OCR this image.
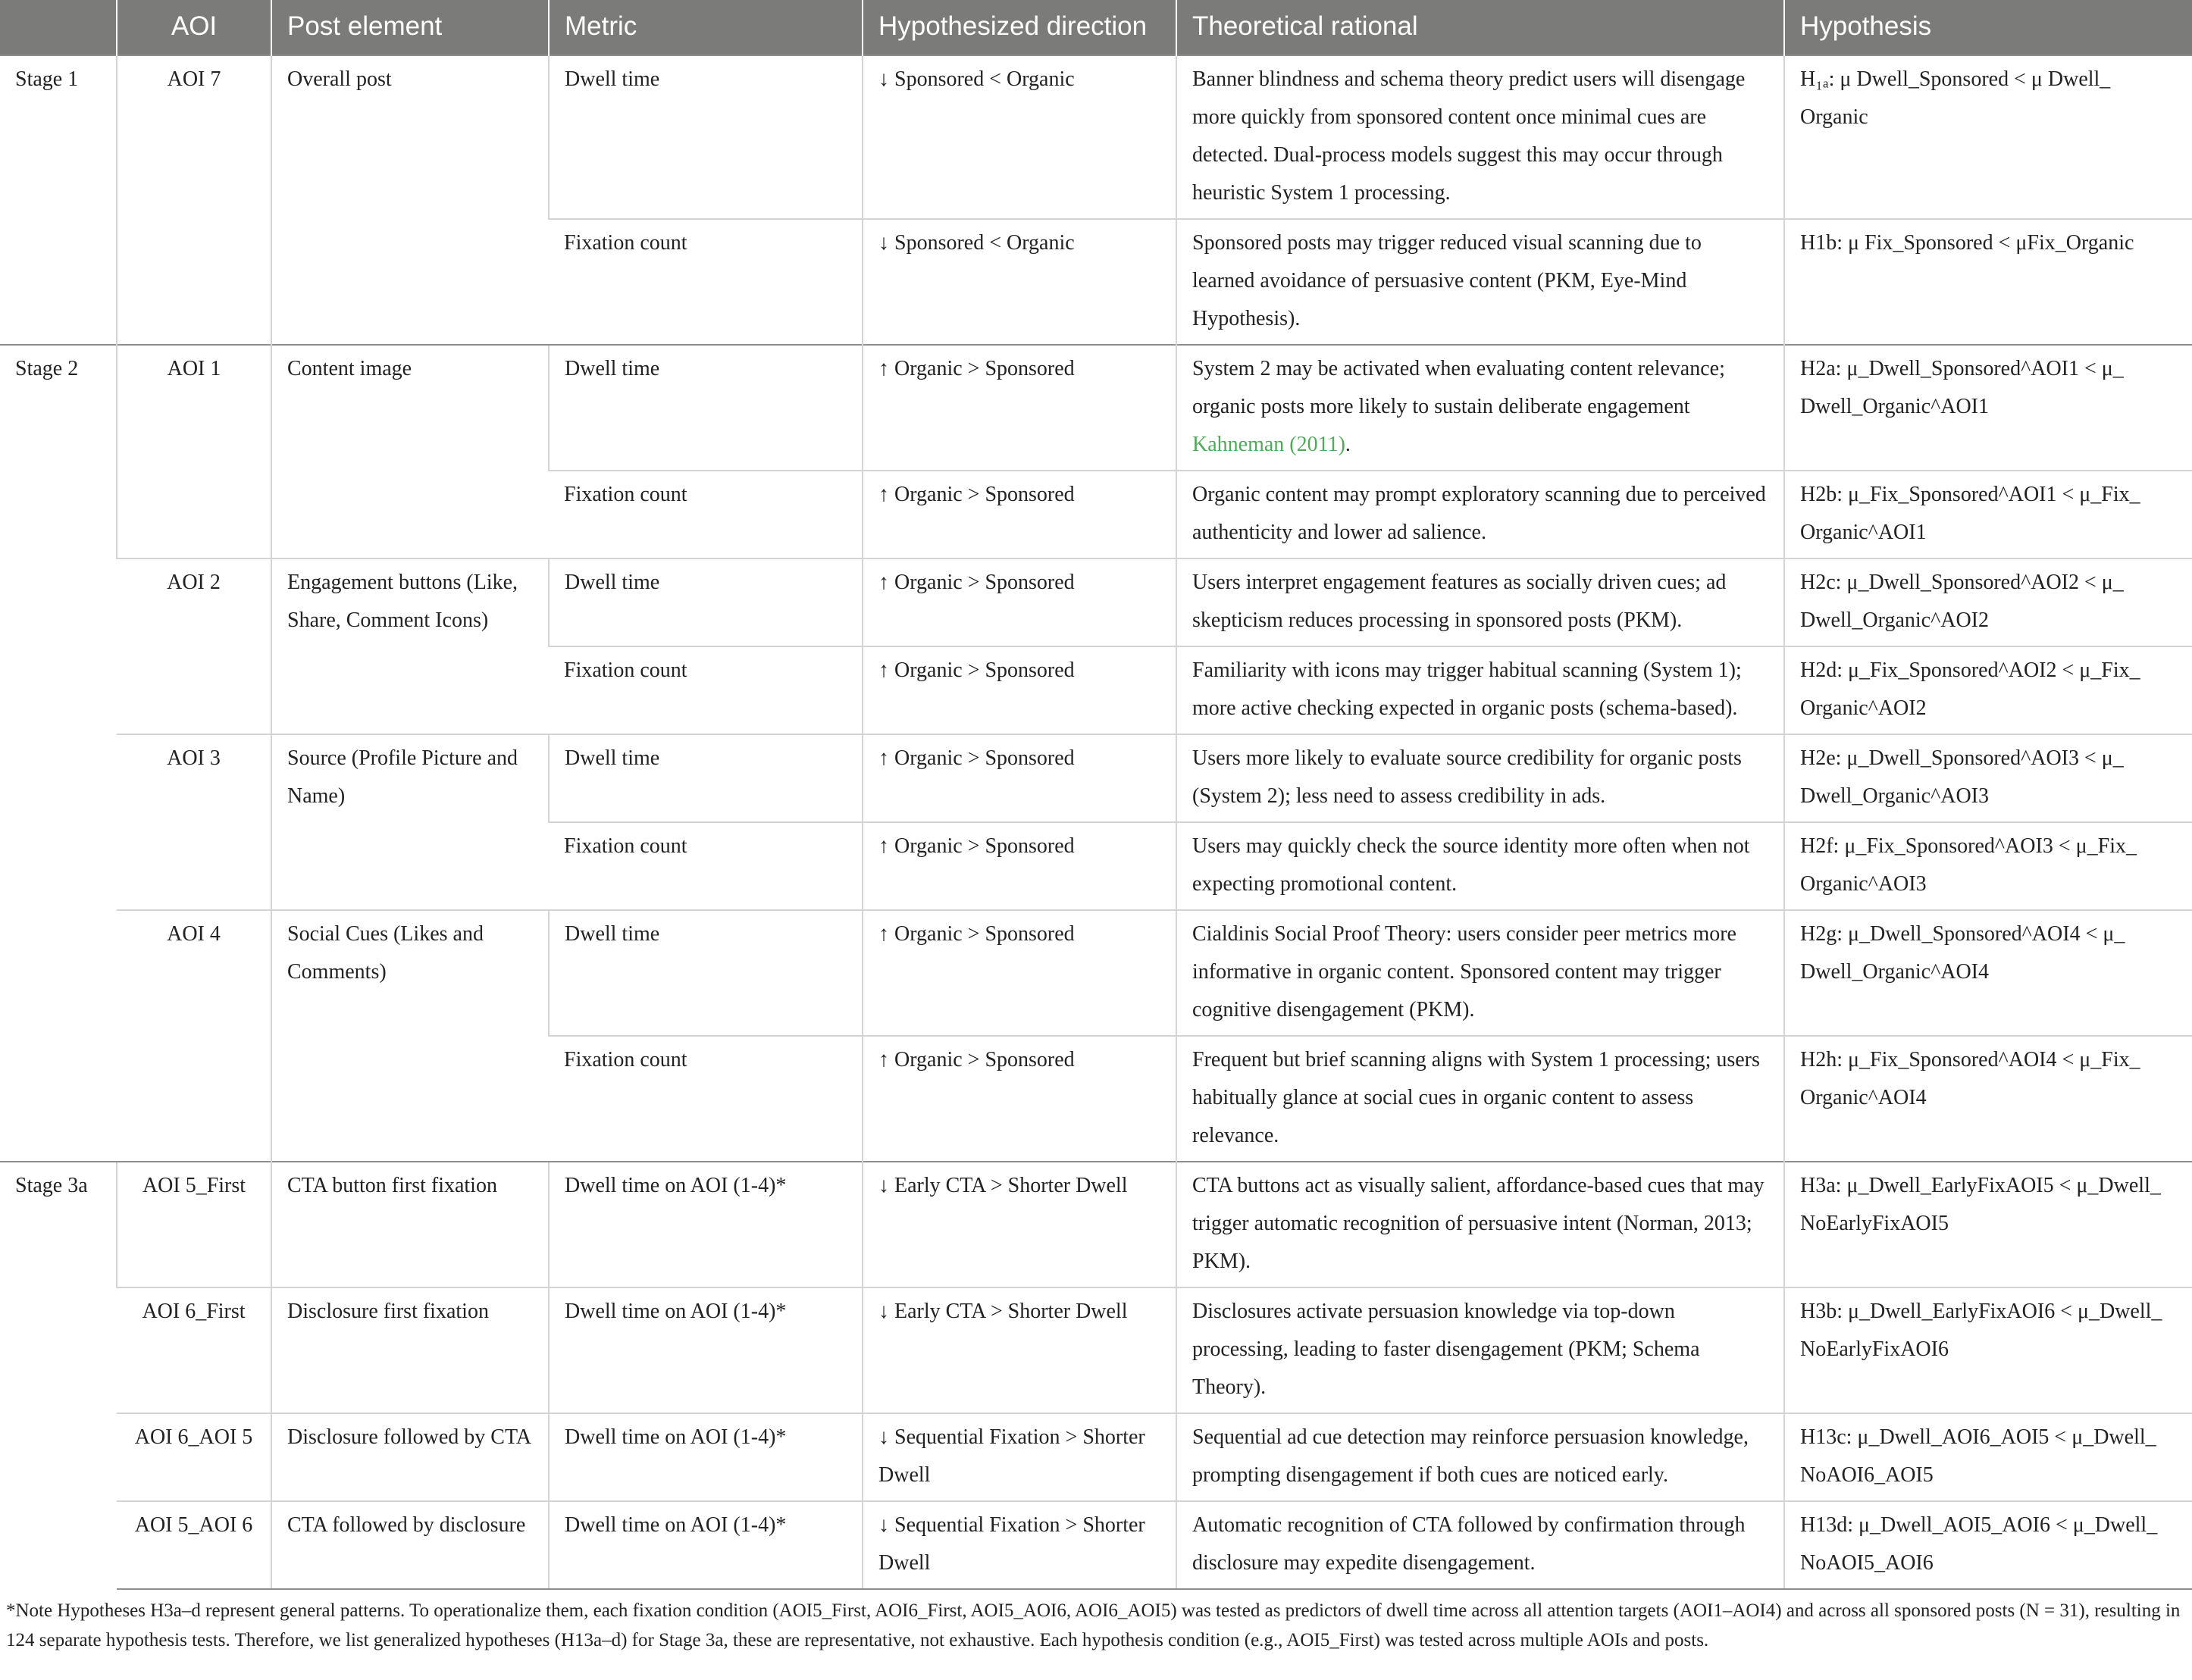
	AOI	Post element	Metric	Hypothesized direction	Theoretical rational	Hypothesis
Stage 1	AOI 7	Overall post	Dwell time	↓ Sponsored < Organic	Banner blindness and schema theory predict users will disengage more quickly from sponsored content once minimal cues are detected. Dual-process models suggest this may occur through heuristic System 1 processing.	H₁ₐ: μ Dwell_Sponsored < μ Dwell_ Organic
			Fixation count	↓ Sponsored < Organic	Sponsored posts may trigger reduced visual scanning due to learned avoidance of persuasive content (PKM, Eye-Mind Hypothesis).	H1b: μ Fix_Sponsored < μFix_Organic
Stage 2	AOI 1	Content image	Dwell time	↑ Organic > Sponsored	System 2 may be activated when evaluating content relevance; organic posts more likely to sustain deliberate engagement Kahneman (2011).	H2a: μ_Dwell_Sponsored^AOI1 < μ_ Dwell_Organic^AOI1
			Fixation count	↑ Organic > Sponsored	Organic content may prompt exploratory scanning due to perceived authenticity and lower ad salience.	H2b: μ_Fix_Sponsored^AOI1 < μ_Fix_ Organic^AOI1
	AOI 2	Engagement buttons (Like, Share, Comment Icons)	Dwell time	↑ Organic > Sponsored	Users interpret engagement features as socially driven cues; ad skepticism reduces processing in sponsored posts (PKM).	H2c: μ_Dwell_Sponsored^AOI2 < μ_ Dwell_Organic^AOI2
			Fixation count	↑ Organic > Sponsored	Familiarity with icons may trigger habitual scanning (System 1); more active checking expected in organic posts (schema-based).	H2d: μ_Fix_Sponsored^AOI2 < μ_Fix_ Organic^AOI2
	AOI 3	Source (Profile Picture and Name)	Dwell time	↑ Organic > Sponsored	Users more likely to evaluate source credibility for organic posts (System 2); less need to assess credibility in ads.	H2e: μ_Dwell_Sponsored^AOI3 < μ_ Dwell_Organic^AOI3
			Fixation count	↑ Organic > Sponsored	Users may quickly check the source identity more often when not expecting promotional content.	H2f: μ_Fix_Sponsored^AOI3 < μ_Fix_ Organic^AOI3
	AOI 4	Social Cues (Likes and Comments)	Dwell time	↑ Organic > Sponsored	Cialdinis Social Proof Theory: users consider peer metrics more informative in organic content. Sponsored content may trigger cognitive disengagement (PKM).	H2g: μ_Dwell_Sponsored^AOI4 < μ_ Dwell_Organic^AOI4
			Fixation count	↑ Organic > Sponsored	Frequent but brief scanning aligns with System 1 processing; users habitually glance at social cues in organic content to assess relevance.	H2h: μ_Fix_Sponsored^AOI4 < μ_Fix_ Organic^AOI4
Stage 3a	AOI 5_First	CTA button first fixation	Dwell time on AOI (1-4)*	↓ Early CTA > Shorter Dwell	CTA buttons act as visually salient, affordance-based cues that may trigger automatic recognition of persuasive intent (Norman, 2013; PKM).	H3a: μ_Dwell_EarlyFixAOI5 < μ_Dwell_ NoEarlyFixAOI5
	AOI 6_First	Disclosure first fixation	Dwell time on AOI (1-4)*	↓ Early CTA > Shorter Dwell	Disclosures activate persuasion knowledge via top-down processing, leading to faster disengagement (PKM; Schema Theory).	H3b: μ_Dwell_EarlyFixAOI6 < μ_Dwell_ NoEarlyFixAOI6
	AOI 6_AOI 5	Disclosure followed by CTA	Dwell time on AOI (1-4)*	↓ Sequential Fixation > Shorter Dwell	Sequential ad cue detection may reinforce persuasion knowledge, prompting disengagement if both cues are noticed early.	H13c: μ_Dwell_AOI6_AOI5 < μ_Dwell_ NoAOI6_AOI5
	AOI 5_AOI 6	CTA followed by disclosure	Dwell time on AOI (1-4)*	↓ Sequential Fixation > Shorter Dwell	Automatic recognition of CTA followed by confirmation through disclosure may expedite disengagement.	H13d: μ_Dwell_AOI5_AOI6 < μ_Dwell_ NoAOI5_AOI6
*Note Hypotheses H3a–d represent general patterns. To operationalize them, each fixation condition (AOI5_First, AOI6_First, AOI5_AOI6, AOI6_AOI5) was tested as predictors of dwell time across all attention targets (AOI1–AOI4) and across all sponsored posts (N = 31), resulting in 124 separate hypothesis tests. Therefore, we list generalized hypotheses (H13a–d) for Stage 3a, these are representative, not exhaustive. Each hypothesis condition (e.g., AOI5_First) was tested across multiple AOIs and posts.
